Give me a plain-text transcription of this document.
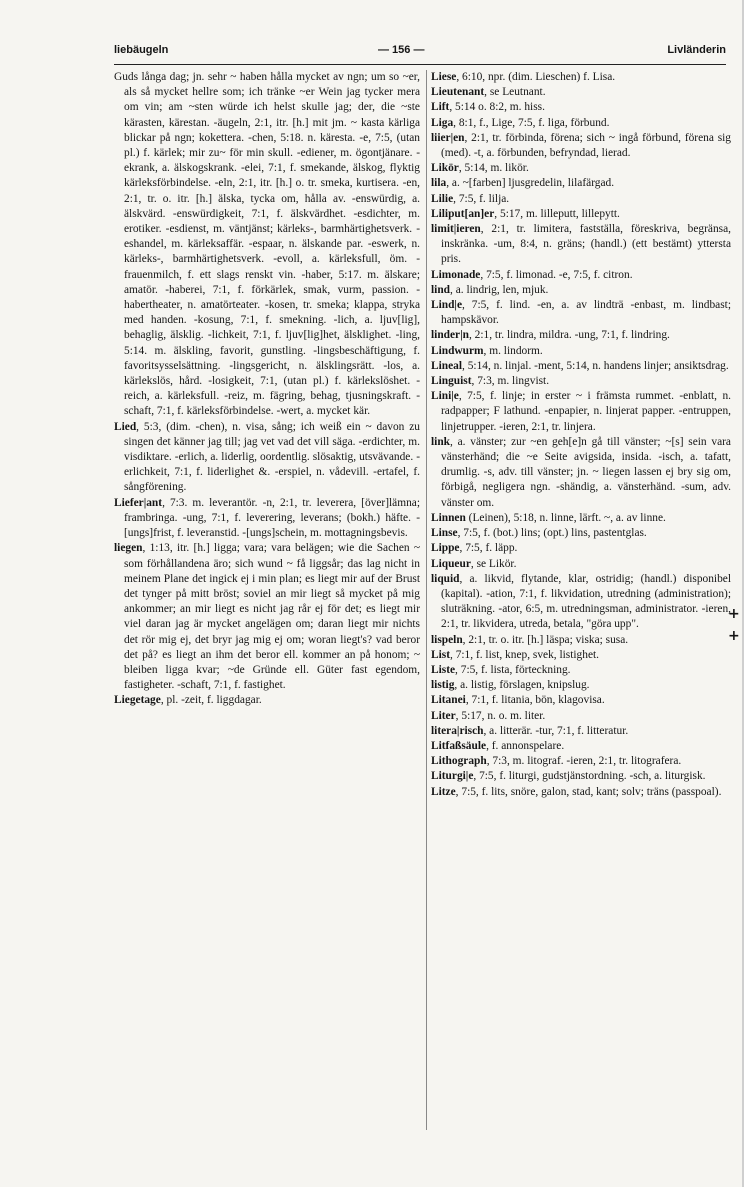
liebäugeln	— 156 —	Livländerin

Guds långa dag; jn. sehr ~ haben hålla mycket av ngn; um so ~er, als så mycket hellre som; ich tränke ~er Wein jag tycker mera om vin; am ~sten würde ich helst skulle jag; der, die ~ste kärasten, kärestan. -äugeln, 2:1, itr. [h.] mit jm. ~ kasta kärliga blickar på ngn; kokettera. -chen, 5:18. n. käresta. -e, 7:5, (utan pl.) f. kärlek; mir zu~ för min skull. -ediener, m. ögontjänare. -ekrank, a. älskogskrank. -elei, 7:1, f. smekande, älskog, flyktig kärleksförbindelse. -eln, 2:1, itr. [h.] o. tr. smeka, kurtisera. -en, 2:1, tr. o. itr. [h.] älska, tycka om, hålla av. -enswürdig, a. älskvärd. -enswürdigkeit, 7:1, f. älskvärdhet. -esdichter, m. erotiker. -esdienst, m. väntjänst; kärleks-, barmhärtighetsverk. -eshandel, m. kärleksaffär. -espaar, n. älskande par. -eswerk, n. kärleks-, barmhärtighetsverk. -evoll, a. kärleksfull, öm. -frauenmilch, f. ett slags renskt vin. -haber, 5:17. m. älskare; amatör. -haberei, 7:1, f. förkärlek, smak, vurm, passion. -habertheater, n. amatörteater. -kosen, tr. smeka; klappa, stryka med handen. -kosung, 7:1, f. smekning. -lich, a. ljuv[lig], behaglig, älsklig. -lichkeit, 7:1, f. ljuv[lig]het, älsklighet. -ling, 5:14. m. älskling, favorit, gunstling. -lingsbeschäftigung, f. favoritsysselsättning. -lingsgericht, n. älsklingsrätt. -los, a. kärlekslös, hård. -losigkeit, 7:1, (utan pl.) f. kärlekslöshet. -reich, a. kärleksfull. -reiz, m. fägring, behag, tjusningskraft. -schaft, 7:1, f. kärleksförbindelse. -wert, a. mycket kär.

Lied, 5:3, (dim. -chen), n. visa, sång; ich weiß ein ~ davon zu singen det känner jag till; jag vet vad det vill säga. -erdichter, m. visdiktare. -erlich, a. liderlig, oordentlig. slösaktig, utsvävande. -erlichkeit, 7:1, f. liderlighet &. -erspiel, n. vådevill. -ertafel, f. sångförening.

Liefer|ant, 7:3. m. leverantör. -n, 2:1, tr. leverera, [över]lämna; frambringa. -ung, 7:1, f. leverering, leverans; (bokh.) häfte. -[ungs]frist, f. leveranstid. -[ungs]schein, m. mottagningsbevis.

liegen, 1:13, itr. [h.] ligga; vara; vara belägen; wie die Sachen ~ som förhållandena äro; sich wund ~ få liggsår; das lag nicht in meinem Plane det ingick ej i min plan; es liegt mir auf der Brust det tynger på mitt bröst; soviel an mir liegt så mycket på mig ankommer; an mir liegt es nicht jag rår ej för det; es liegt mir viel daran jag är mycket angelägen om; daran liegt mir nichts det rör mig ej, det bryr jag mig ej om; woran liegt's? vad beror det på? es liegt an ihm det beror ell. kommer an på honom; ~ bleiben ligga kvar; ~de Gründe ell. Güter fast egendom, fastigheter. -schaft, 7:1, f. fastighet.

Liegetage, pl. -zeit, f. liggdagar.

Liese, 6:10, npr. (dim. Lieschen) f. Lisa.

Lieutenant, se Leutnant.

Lift, 5:14 o. 8:2, m. hiss.

Liga, 8:1, f., Lige, 7:5, f. liga, förbund.

liier|en, 2:1, tr. förbinda, förena; sich ~ ingå förbund, förena sig (med). -t, a. förbunden, befryndad, lierad.

Likör, 5:14, m. likör.

lila, a. ~[farben] ljusgredelin, lilafärgad.

Lilie, 7:5, f. lilja.

Liliput[an]er, 5:17, m. lilleputt, lillepytt.

limit|ieren, 2:1, tr. limitera, fastställa, föreskriva, begränsa, inskränka. -um, 8:4, n. gräns; (handl.) (ett bestämt) yttersta pris.

Limonade, 7:5, f. limonad. -e, 7:5, f. citron.

lind, a. lindrig, len, mjuk.

Lind|e, 7:5, f. lind. -en, a. av lindträ -enbast, m. lindbast; hampskävor.

linder|n, 2:1, tr. lindra, mildra. -ung, 7:1, f. lindring.

Lindwurm, m. lindorm.

Lineal, 5:14, n. linjal. -ment, 5:14, n. handens linjer; ansiktsdrag.

Linguist, 7:3, m. lingvist.

Lini|e, 7:5, f. linje; in erster ~ i främsta rummet. -enblatt, n. radpapper; F lathund. -enpapier, n. linjerat papper. -entruppen, linjetrupper. -ieren, 2:1, tr. linjera.

link, a. vänster; zur ~en geh[e]n gå till vänster; ~[s] sein vara vänsterhänd; die ~e Seite avigsida, insida. -isch, a. tafatt, drumlig. -s, adv. till vänster; jn. ~ liegen lassen ej bry sig om, förbigå, negligera ngn. -shändig, a. vänsterhänd. -sum, adv. vänster om.

Linnen (Leinen), 5:18, n. linne, lärft. ~, a. av linne.

Linse, 7:5, f. (bot.) lins; (opt.) lins, pastentglas.

Lippe, 7:5, f. läpp.

Liqueur, se Likör.

liquid, a. likvid, flytande, klar, ostridig; (handl.) disponibel (kapital). -ation, 7:1, f. likvidation, utredning (administration); sluträkning. -ator, 6:5, m. utredningsman, administrator. -ieren, 2:1, tr. likvidera, utreda, betala, "göra upp".

lispeln, 2:1, tr. o. itr. [h.] läspa; viska; susa.

List, 7:1, f. list, knep, svek, listighet.

Liste, 7:5, f. lista, förteckning.

listig, a. listig, förslagen, knipslug.

Litanei, 7:1, f. litania, bön, klagovisa.

Liter, 5:17, n. o. m. liter.

litera|risch, a. litterär. -tur, 7:1, f. litteratur.

Litfaßsäule, f. annonspelare.

Lithograph, 7:3, m. litograf. -ieren, 2:1, tr. litografera.

Liturgi|e, 7:5, f. liturgi, gudstjänstordning. -sch, a. liturgisk.

Litze, 7:5, f. lits, snöre, galon, stad, kant; solv; träns (passpoal).

+
+
